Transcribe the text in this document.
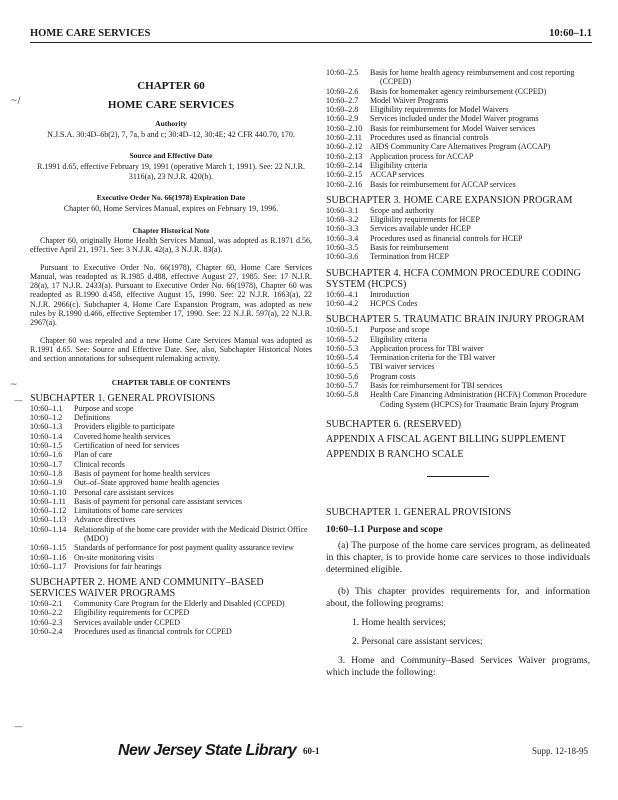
HOME CARE SERVICES	10:60–1.1
~/
~
—
—
CHAPTER 60
HOME CARE SERVICES
Authority
N.J.S.A. 30:4D–6b(2), 7, 7a, b and c; 30:4D–12, 30:4E; 42 CFR 440.70, 170.
Source and Effective Date
R.1991 d.65, effective February 19, 1991 (operative March 1, 1991). See: 22 N.J.R. 3116(a), 23 N.J.R. 420(b).
Executive Order No. 66(1978) Expiration Date
Chapter 60, Home Services Manual, expires on February 19, 1996.
Chapter Historical Note

Chapter 60, originally Home Health Services Manual, was adopted as R.1971 d.56, effective April 21, 1971. See: 3 N.J.R. 42(a), 3 N.J.R. 83(a).

Pursuant to Executive Order No. 66(1978), Chapter 60, Home Care Services Manual, was readopted as R.1985 d.488, effective August 27, 1985. See: 17 N.J.R. 28(a), 17 N.J.R. 2433(a). Pursuant to Executive Order No. 66(1978), Chapter 60 was readopted as R.1990 d.458, effective August 15, 1990. See: 22 N.J.R. 1663(a), 22 N.J.R. 2966(c). Subchapter 4, Home Care Expansion Program, was adopted as new rules by R.1990 d.466, effective September 17, 1990. See: 22 N.J.R. 597(a), 22 N.J.R. 2967(a).

Chapter 60 was repealed and a new Home Care Services Manual was adopted as R.1991 d.65. See: Source and Effective Date. See, also, Subchapter Historical Notes and section annotations for subsequent rulemaking activity.

CHAPTER TABLE OF CONTENTS
SUBCHAPTER 1. GENERAL PROVISIONS
10:60–1.1	Purpose and scope
10:60–1.2	Definitions
10:60–1.3	Providers eligible to participate
10:60–1.4	Covered home health services
10:60–1.5	Certification of need for services
10:60–1.6	Plan of care
10:60–1.7	Clinical records
10:60–1.8	Basis of payment for home health services
10:60–1.9	Out–of–State approved home health agencies
10:60–1.10 Personal care assistant services
10:60–1.11	Basis of payment for personal care assistant services
10:60–1.12 Limitations of home care services
10:60–1.13 Advance directives
10:60–1.14 Relationship of the home care provider with the Medicaid District Office (MDO)
10:60–1.15 Standards of performance for post payment quality assurance review
10:60–1.16 On-site monitoring visits
10:60–1.17 Provisions for fair hearings
SUBCHAPTER 2. HOME AND COMMUNITY–BASED SERVICES WAIVER PROGRAMS
10:60–2.1	Community Care Program for the Elderly and Disabled (CCPED)
10:60–2.2	Eligibility requirements for CCPED
10:60–2.3	Services available under CCPED
10:60–2.4	Procedures used as financial controls for CCPED
10:60–2.5	Basis for home health agency reimbursement and cost reporting (CCPED)
10:60–2.6	Basis for homemaker agency reimbursement (CCPED)
10:60–2.7	Model Waiver Programs
10:60–2.8	Eligibility requirements for Model Waivers
10:60–2.9	Services included under the Model Waiver programs
10:60–2.10 Basis for reimbursement for Model Waiver services
10:60–2.11	Procedures used as financial controls
10:60–2.12 AIDS Community Care Alternatives Program (ACCAP)
10:60–2.13 Application process for ACCAP
10:60–2.14 Eligibility criteria
10:60–2.15 ACCAP services
10:60–2.16 Basis for reimbursement for ACCAP services
SUBCHAPTER 3. HOME CARE EXPANSION PROGRAM
10:60–3.1	Scope and authority
10:60–3.2	Eligibility requirements for HCEP
10:60–3.3	Services available under HCEP
10:60–3.4	Procedures used as financial controls for HCEP
10:60–3.5	Basis for reimbursement
10:60–3.6	Termination from HCEP
SUBCHAPTER 4. HCFA COMMON PROCEDURE CODING SYSTEM (HCPCS)
10:60–4.1	Introduction
10:60–4.2	HCPCS Codes
SUBCHAPTER 5. TRAUMATIC BRAIN INJURY PROGRAM
10:60–5.1	Purpose and scope
10:60–5.2	Eligibility criteria
10:60–5.3	Application process for TBI waiver
10:60–5.4	Termination criteria for the TBI waiver
10:60–5.5	TBI waiver services
10:60–5.6	Program costs
10:60–5.7	Basis for reimbursement for TBI services
10:60–5.8	Health Care Financing Administration (HCFA) Common Procedure Coding System (HCPCS) for Traumatic Brain Injury Program
SUBCHAPTER 6. (RESERVED)
APPENDIX A FISCAL AGENT BILLING SUPPLEMENT
APPENDIX B RANCHO SCALE
SUBCHAPTER 1. GENERAL PROVISIONS
10:60–1.1 Purpose and scope

(a) The purpose of the home care services program, as delineated in this chapter, is to provide home care services to those individuals determined eligible.

(b) This chapter provides requirements for, and information about, the following programs:

1. Home health services;
2. Personal care assistant services;

3. Home and Community–Based Services Waiver programs, which include the following:

New Jersey State Library 60-1	Supp. 12-18-95
